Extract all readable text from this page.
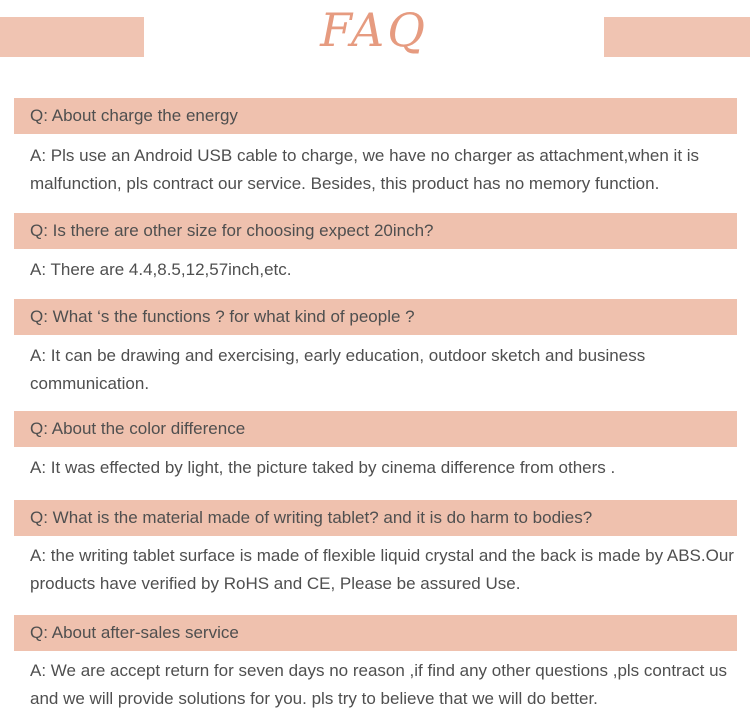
FAQ
Q: About charge the energy
A: Pls use an Android USB cable to charge, we have no charger as attachment,when it is malfunction, pls contract our service. Besides, this product has no memory function.
Q: Is there are other size for choosing expect 20inch?
A: There are 4.4,8.5,12,57inch,etc.
Q: What ‘s the functions ? for what kind of people ?
A: It can be drawing and exercising, early education, outdoor sketch and business communication.
Q: About the color difference
A: It was effected by light, the picture taked by cinema difference from others .
Q: What is the material made of writing tablet? and it is do harm to bodies?
A: the writing tablet surface is made of flexible liquid crystal and the back is made by ABS.Our products have verified by RoHS and CE, Please be assured Use.
Q: About after-sales service
A: We are accept return for seven days no reason ,if find any other questions ,pls contract us and we will provide solutions for you. pls try to believe that we will do better.
